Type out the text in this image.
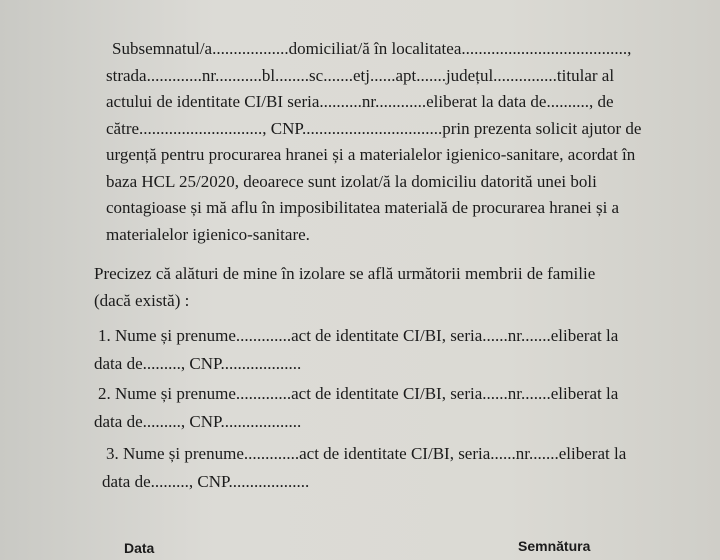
Subsemnatul/a..................domiciliat/ă în localitatea.......................................,
strada.............nr...........bl........sc.......etj......apt.......județul...............titular al
actului de identitate CI/BI seria..........nr............eliberat la data de.........., de
către............................., CNP.................................prin prezenta solicit ajutor de
urgență pentru procurarea hranei și a materialelor igienico-sanitare, acordat în
baza HCL 25/2020, deoarece sunt izolat/ă la domiciliu datorită unei boli
contagioase și mă aflu în imposibilitatea materială de procurarea hranei și a
materialelor igienico-sanitare.
Precizez că alături de mine în izolare se află următorii membrii de familie
(dacă există) :
1. Nume și prenume.............act de identitate CI/BI, seria......nr.......eliberat la
data de........., CNP...................
2. Nume și prenume.............act de identitate CI/BI, seria......nr.......eliberat la
data de........., CNP...................
3. Nume și prenume.............act de identitate CI/BI, seria......nr.......eliberat la
data de........., CNP...................
Data	Semnătura
